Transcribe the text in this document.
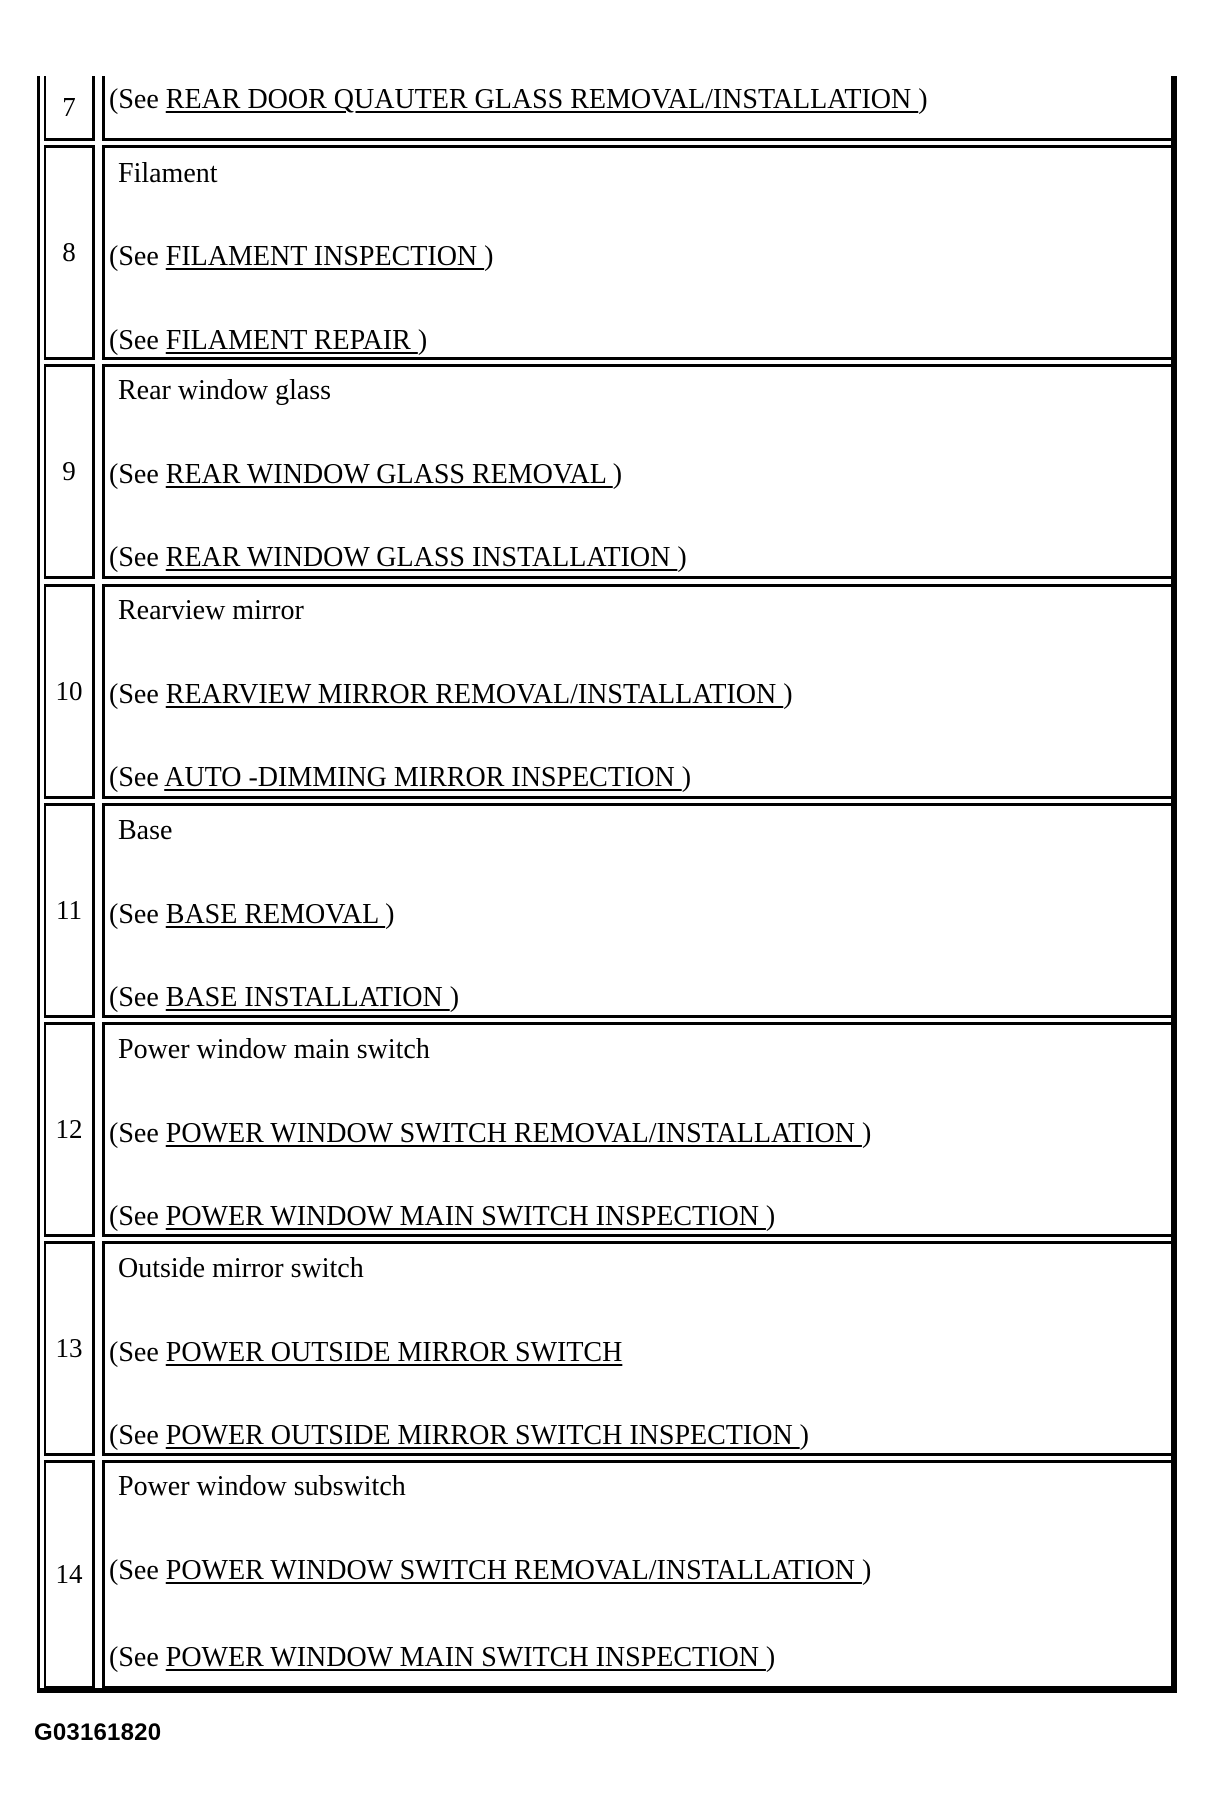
7	(See REAR DOOR QUAUTER GLASS REMOVAL/INSTALLATION )
8
Filament
(See FILAMENT INSPECTION )
(See FILAMENT REPAIR )
9
Rear window glass
(See REAR WINDOW GLASS REMOVAL )
(See REAR WINDOW GLASS INSTALLATION )
10
Rearview mirror
(See REARVIEW MIRROR REMOVAL/INSTALLATION )
(See AUTO -DIMMING MIRROR INSPECTION )
11
Base
(See BASE REMOVAL )
(See BASE INSTALLATION )
12
Power window main switch
(See POWER WINDOW SWITCH REMOVAL/INSTALLATION )
(See POWER WINDOW MAIN SWITCH INSPECTION )
13
Outside mirror switch
(See POWER OUTSIDE MIRROR SWITCH
(See POWER OUTSIDE MIRROR SWITCH INSPECTION )
14
Power window subswitch
(See POWER WINDOW SWITCH REMOVAL/INSTALLATION )
(See POWER WINDOW MAIN SWITCH INSPECTION )
G03161820
